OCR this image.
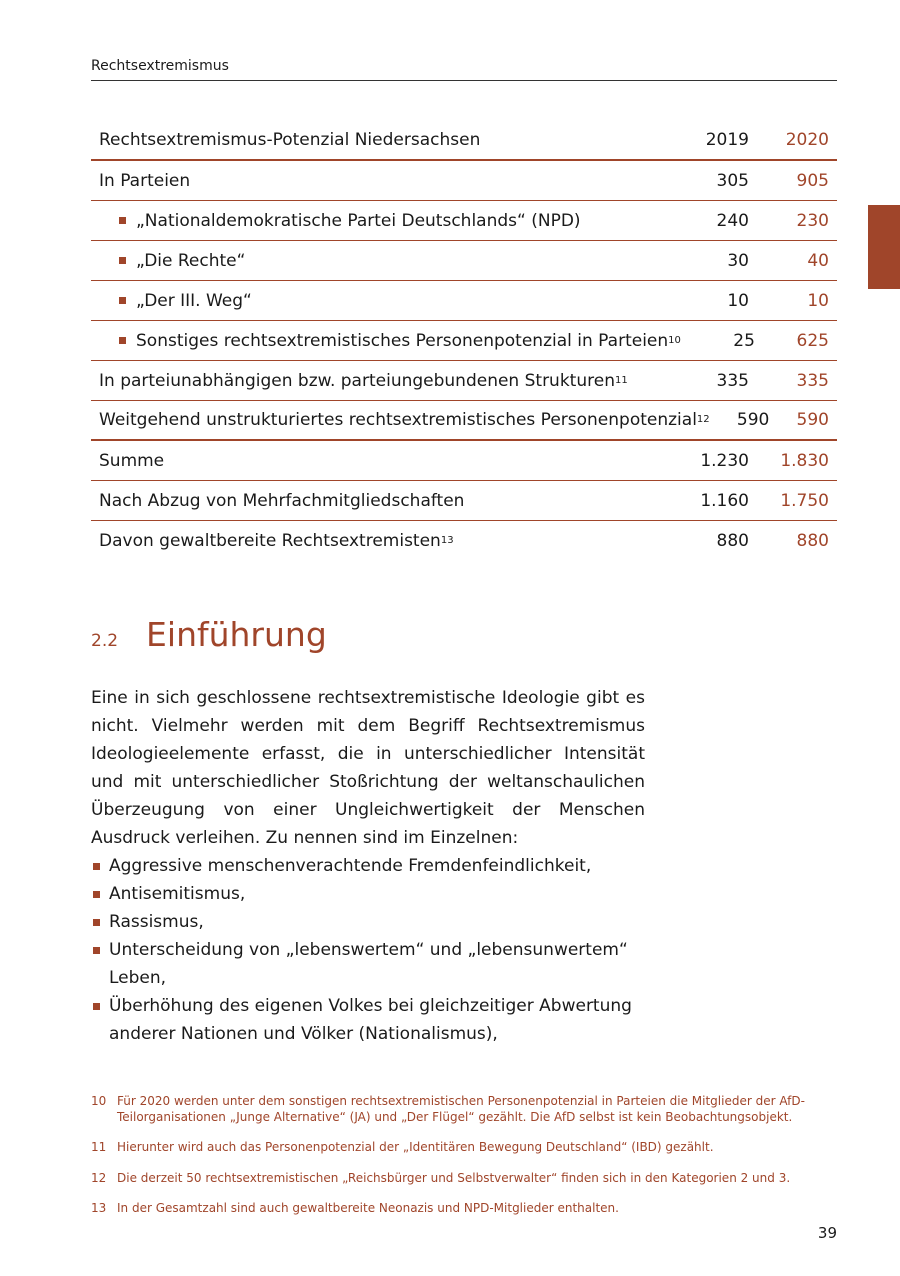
Rechtsextremismus
Rechtsextremismus-Potenzial Niedersachsen	2019	2020
In Parteien	305	905
„Nationaldemokratische Partei Deutschlands“ (NPD)	240	230
„Die Rechte“	30	40
„Der III. Weg“	10	10
Sonstiges rechtsextremistisches Personenpotenzial in Parteien 10	25	625
In parteiunabhängigen bzw. parteiungebundenen Strukturen 11	335	335
Weitgehend unstrukturiertes rechtsextremistisches Personenpotenzial 12	590	590
Summe	1.230	1.830
Nach Abzug von Mehrfachmitgliedschaften	1.160	1.750
Davon gewaltbereite Rechtsextremisten 13	880	880
2.2 Einführung

Eine in sich geschlossene rechtsextremistische Ideologie gibt es nicht. Vielmehr werden mit dem Begriff Rechtsextremismus Ideologieelemente erfasst, die in unterschiedlicher Intensität und mit unterschiedlicher Stoßrichtung der weltanschaulichen Überzeugung von einer Ungleichwertigkeit der Menschen Ausdruck verleihen. Zu nennen sind im Einzelnen:

Aggressive menschenverachtende Fremdenfeindlichkeit,
Antisemitismus,
Rassismus,
Unterscheidung von „lebenswertem“ und „lebensunwertem“ Leben,
Überhöhung des eigenen Volkes bei gleichzeitiger Abwertung anderer Nationen und Völker (Nationalismus),
10 Für 2020 werden unter dem sonstigen rechtsextremistischen Personenpotenzial in Parteien die Mitglieder der AfD-Teilorganisationen „Junge Alternative“ (JA) und „Der Flügel“ gezählt. Die AfD selbst ist kein Beobachtungsobjekt.
11 Hierunter wird auch das Personenpotenzial der „Identitären Bewegung Deutschland“ (IBD) gezählt.
12 Die derzeit 50 rechtsextremistischen „Reichsbürger und Selbstverwalter“ finden sich in den Kategorien 2 und 3.
13 In der Gesamtzahl sind auch gewaltbereite Neonazis und NPD-Mitglieder enthalten.
39
